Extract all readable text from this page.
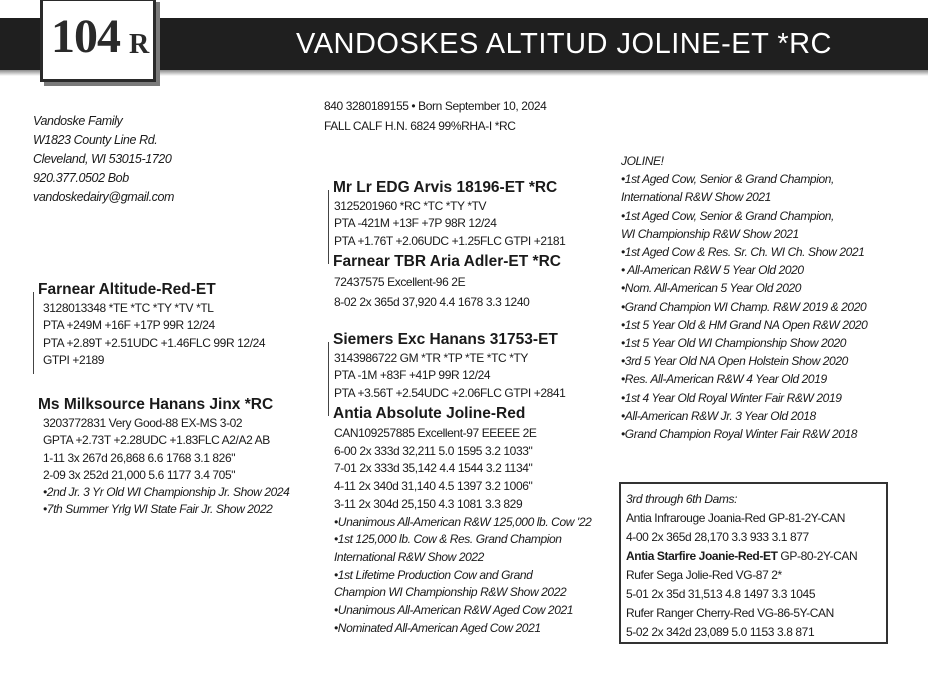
104 R	VANDOSKES ALTITUD JOLINE-ET *RC
Vandoske Family
W1823 County Line Rd.
Cleveland, WI 53015-1720
920.377.0502 Bob
vandoskedairy@gmail.com
840 3280189155 • Born September 10, 2024
FALL CALF H.N. 6824 99%RHA-I *RC
Farnear Altitude-Red-ET
3128013348 *TE *TC *TY *TV *TL
PTA +249M +16F +17P 99R 12/24
PTA +2.89T +2.51UDC +1.46FLC 99R 12/24
GTPI +2189
Ms Milksource Hanans Jinx *RC
3203772831 Very Good-88 EX-MS 3-02
GPTA +2.73T +2.28UDC +1.83FLC A2/A2 AB
1-11 3x 267d 26,868 6.6 1768 3.1 826"
2-09 3x 252d 21,000 5.6 1177 3.4 705"
•2nd Jr. 3 Yr Old WI Championship Jr. Show 2024
•7th Summer Yrlg WI State Fair Jr. Show 2022
Mr Lr EDG Arvis 18196-ET *RC
3125201960 *RC *TC *TY *TV
PTA -421M +13F +7P 98R 12/24
PTA +1.76T +2.06UDC +1.25FLC GTPI +2181
Farnear TBR Aria Adler-ET *RC
72437575 Excellent-96 2E
8-02 2x 365d 37,920 4.4 1678 3.3 1240
Siemers Exc Hanans 31753-ET
3143986722 GM *TR *TP *TE *TC *TY
PTA -1M +83F +41P 99R 12/24
PTA +3.56T +2.54UDC +2.06FLC GTPI +2841
Antia Absolute Joline-Red
CAN109257885 Excellent-97 EEEEE 2E
6-00 2x 333d 32,211 5.0 1595 3.2 1033"
7-01 2x 333d 35,142 4.4 1544 3.2 1134"
4-11 2x 340d 31,140 4.5 1397 3.2 1006"
3-11 2x 304d 25,150 4.3 1081 3.3 829
•Unanimous All-American R&W 125,000 lb. Cow '22
•1st 125,000 lb. Cow & Res. Grand Champion
International R&W Show 2022
•1st Lifetime Production Cow and Grand
Champion WI Championship R&W Show 2022
•Unanimous All-American R&W Aged Cow 2021
•Nominated All-American Aged Cow 2021
JOLINE!
•1st Aged Cow, Senior & Grand Champion,
International R&W Show 2021
•1st Aged Cow, Senior & Grand Champion,
WI Championship R&W Show 2021
•1st Aged Cow & Res. Sr. Ch. WI Ch. Show 2021
• All-American R&W 5 Year Old 2020
•Nom. All-American 5 Year Old 2020
•Grand Champion WI Champ. R&W 2019 & 2020
•1st 5 Year Old & HM Grand NA Open R&W 2020
•1st 5 Year Old WI Championship Show 2020
•3rd 5 Year Old NA Open Holstein Show 2020
•Res. All-American R&W 4 Year Old 2019
•1st 4 Year Old Royal Winter Fair R&W 2019
•All-American R&W Jr. 3 Year Old 2018
•Grand Champion Royal Winter Fair R&W 2018
3rd through 6th Dams:
Antia Infrarouge Joania-Red GP-81-2Y-CAN
4-00 2x 365d 28,170 3.3 933 3.1 877
Antia Starfire Joanie-Red-ET GP-80-2Y-CAN
Rufer Sega Jolie-Red VG-87 2*
5-01 2x 35d 31,513 4.8 1497 3.3 1045
Rufer Ranger Cherry-Red VG-86-5Y-CAN
5-02 2x 342d 23,089 5.0 1153 3.8 871
